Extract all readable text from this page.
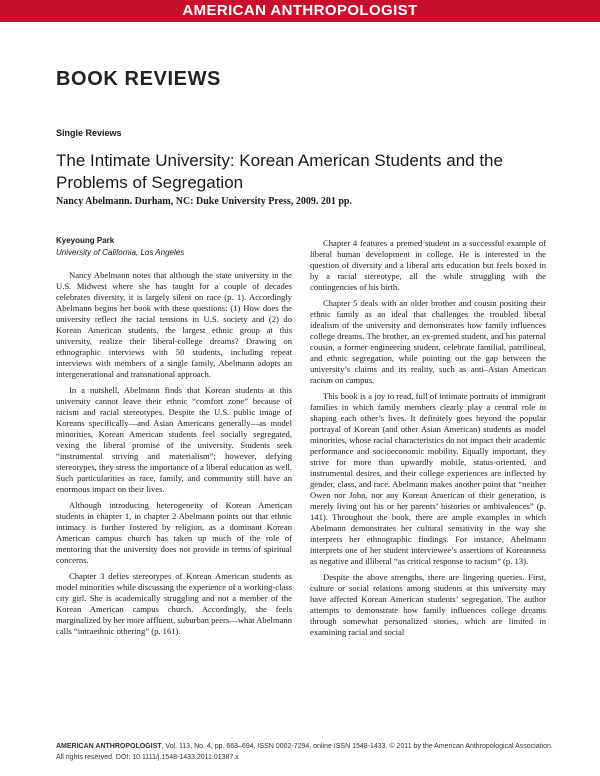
AMERICAN ANTHROPOLOGIST
BOOK REVIEWS
Single Reviews
The Intimate University: Korean American Students and the Problems of Segregation

Nancy Abelmann. Durham, NC: Duke University Press, 2009. 201 pp.

Kyeyoung Park
University of California, Los Angeles

Nancy Abelmann notes that although the state university in the U.S. Midwest where she has taught for a couple of decades celebrates diversity, it is largely silent on race (p. 1). Accordingly Abelmann begins her book with these questions: (1) How does the university reflect the racial tensions in U.S. society and (2) do Korean American students, the largest ethnic group at this university, realize their liberal-college dreams? Drawing on ethnographic interviews with 50 students, including repeat interviews with members of a single family, Abelmann adopts an intergenerational and transnational approach.

In a nutshell, Abelmann finds that Korean students at this university cannot leave their ethnic “comfort zone” because of racism and racial stereotypes. Despite the U.S. public image of Koreans specifically—and Asian Americans generally—as model minorities, Korean American students feel socially segregated, vexing the liberal promise of the university. Students seek “instrumental striving and materialism”; however, defying stereotypes, they stress the importance of a liberal education as well. Such particularities as race, family, and community still have an enormous impact on their lives.

Although introducing heterogeneity of Korean American students in chapter 1, in chapter 2 Abelmann points out that ethnic intimacy is further fostered by religion, as a dominant Korean American campus church has taken up much of the role of mentoring that the university does not provide in terms of spiritual concerns.

Chapter 3 defies stereotypes of Korean American students as model minorities while discussing the experience of a working-class city girl. She is academically struggling and not a member of the Korean American campus church. Accordingly, she feels marginalized by her more affluent, suburban peers—what Abelmann calls “intraethnic othering” (p. 161).

Chapter 4 features a premed student as a successful example of liberal human development in college. He is interested in the question of diversity and a liberal arts education but feels boxed in by a racial stereotype, all the while struggling with the contingencies of his birth.

Chapter 5 deals with an older brother and cousin positing their ethnic family as an ideal that challenges the troubled liberal idealism of the university and demonstrates how family influences college dreams. The brother, an ex-premed student, and his paternal cousin, a former engineering student, celebrate familial, patrilineal, and ethnic segregation, while pointing out the gap between the university’s claims and its reality, such as anti–Asian American racism on campus.

This book is a joy to read, full of intimate portraits of immigrant families in which family members clearly play a central role in shaping each other’s lives. It definitely goes beyond the popular portrayal of Korean (and other Asian American) students as model minorities, whose racial characteristics do not impact their academic performance and socioeconomic mobility. Equally important, they strive for more than upwardly mobile, status-oriented, and instrumental desires, and their college experiences are inflected by gender, class, and race. Abelmann makes another point that “neither Owen nor John, nor any Korean American of their generation, is merely living out his or her parents’ histories or ambivalences” (p. 141). Throughout the book, there are ample examples in which Abelmann demonstrates her cultural sensitivity in the way she interprets her ethnographic findings. For instance, Abelmann interprets one of her student interviewee’s assertions of Koreanness as negative and illiberal “as critical response to racism” (p. 13).

Despite the above strengths, there are lingering queries. First, culture or social relations among students at this university may have affected Korean American students’ segregation. The author attempts to demonstrate how family influences college dreams through somewhat personalized stories, which are limited in examining racial and social

AMERICAN ANTHROPOLOGIST, Vol. 113, No. 4, pp. 663–694, ISSN 0002-7294, online ISSN 1548-1433. © 2011 by the American Anthropological Association. All rights reserved. DOI: 10.1111/j.1548-1433.2011.01387.x
